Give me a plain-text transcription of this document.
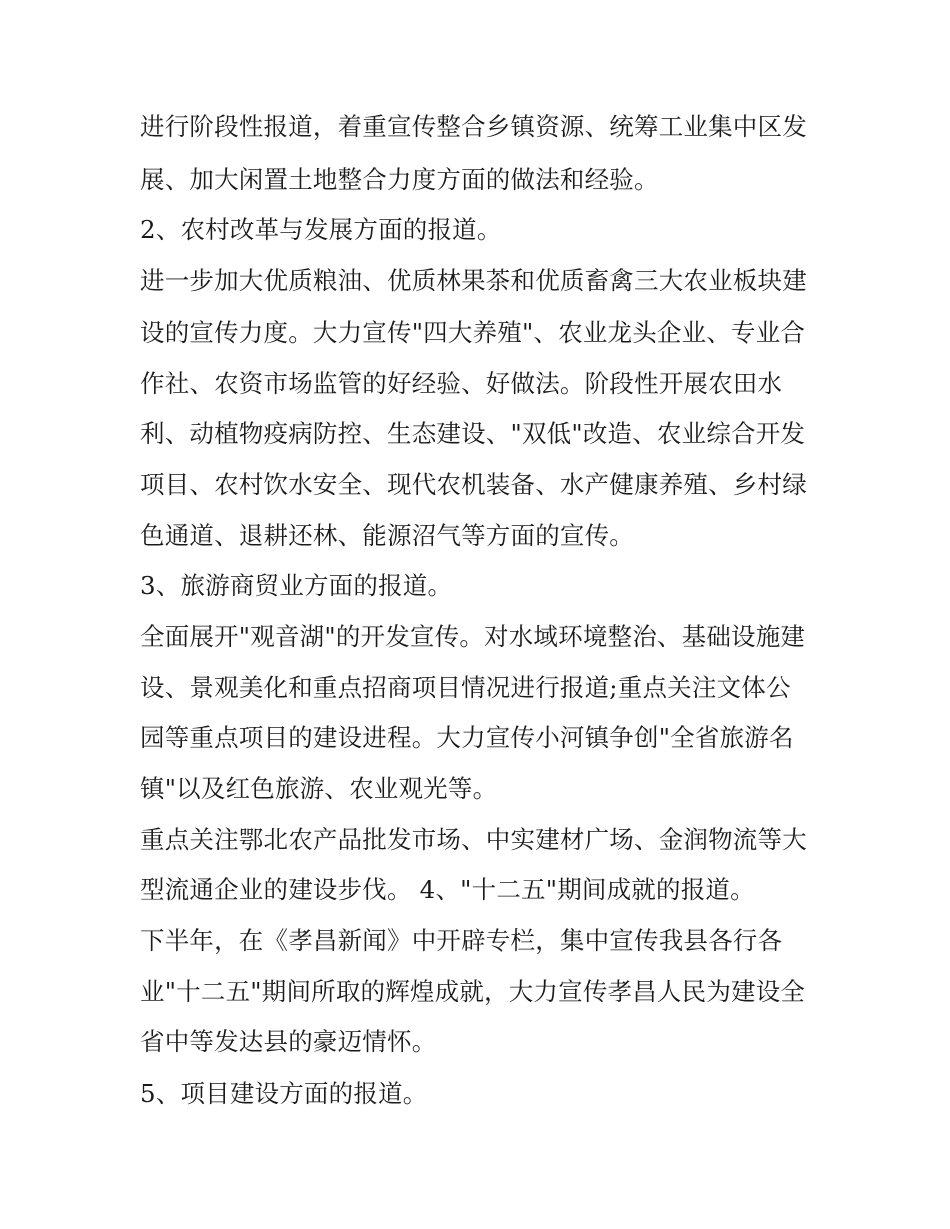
进行阶段性报道，着重宣传整合乡镇资源、统筹工业集中区发
展、加大闲置土地整合力度方面的做法和经验。
2、农村改革与发展方面的报道。
进一步加大优质粮油、优质林果茶和优质畜禽三大农业板块建
设的宣传力度。大力宣传"四大养殖"、农业龙头企业、专业合
作社、农资市场监管的好经验、好做法。阶段性开展农田水
利、动植物疫病防控、生态建设、"双低"改造、农业综合开发
项目、农村饮水安全、现代农机装备、水产健康养殖、乡村绿
色通道、退耕还林、能源沼气等方面的宣传。
3、旅游商贸业方面的报道。
全面展开"观音湖"的开发宣传。对水域环境整治、基础设施建
设、景观美化和重点招商项目情况进行报道;重点关注文体公
园等重点项目的建设进程。大力宣传小河镇争创"全省旅游名
镇"以及红色旅游、农业观光等。
重点关注鄂北农产品批发市场、中实建材广场、金润物流等大
型流通企业的建设步伐。 4、"十二五"期间成就的报道。
下半年，在《孝昌新闻》中开辟专栏，集中宣传我县各行各
业"十二五"期间所取的辉煌成就，大力宣传孝昌人民为建设全
省中等发达县的豪迈情怀。
5、项目建设方面的报道。
